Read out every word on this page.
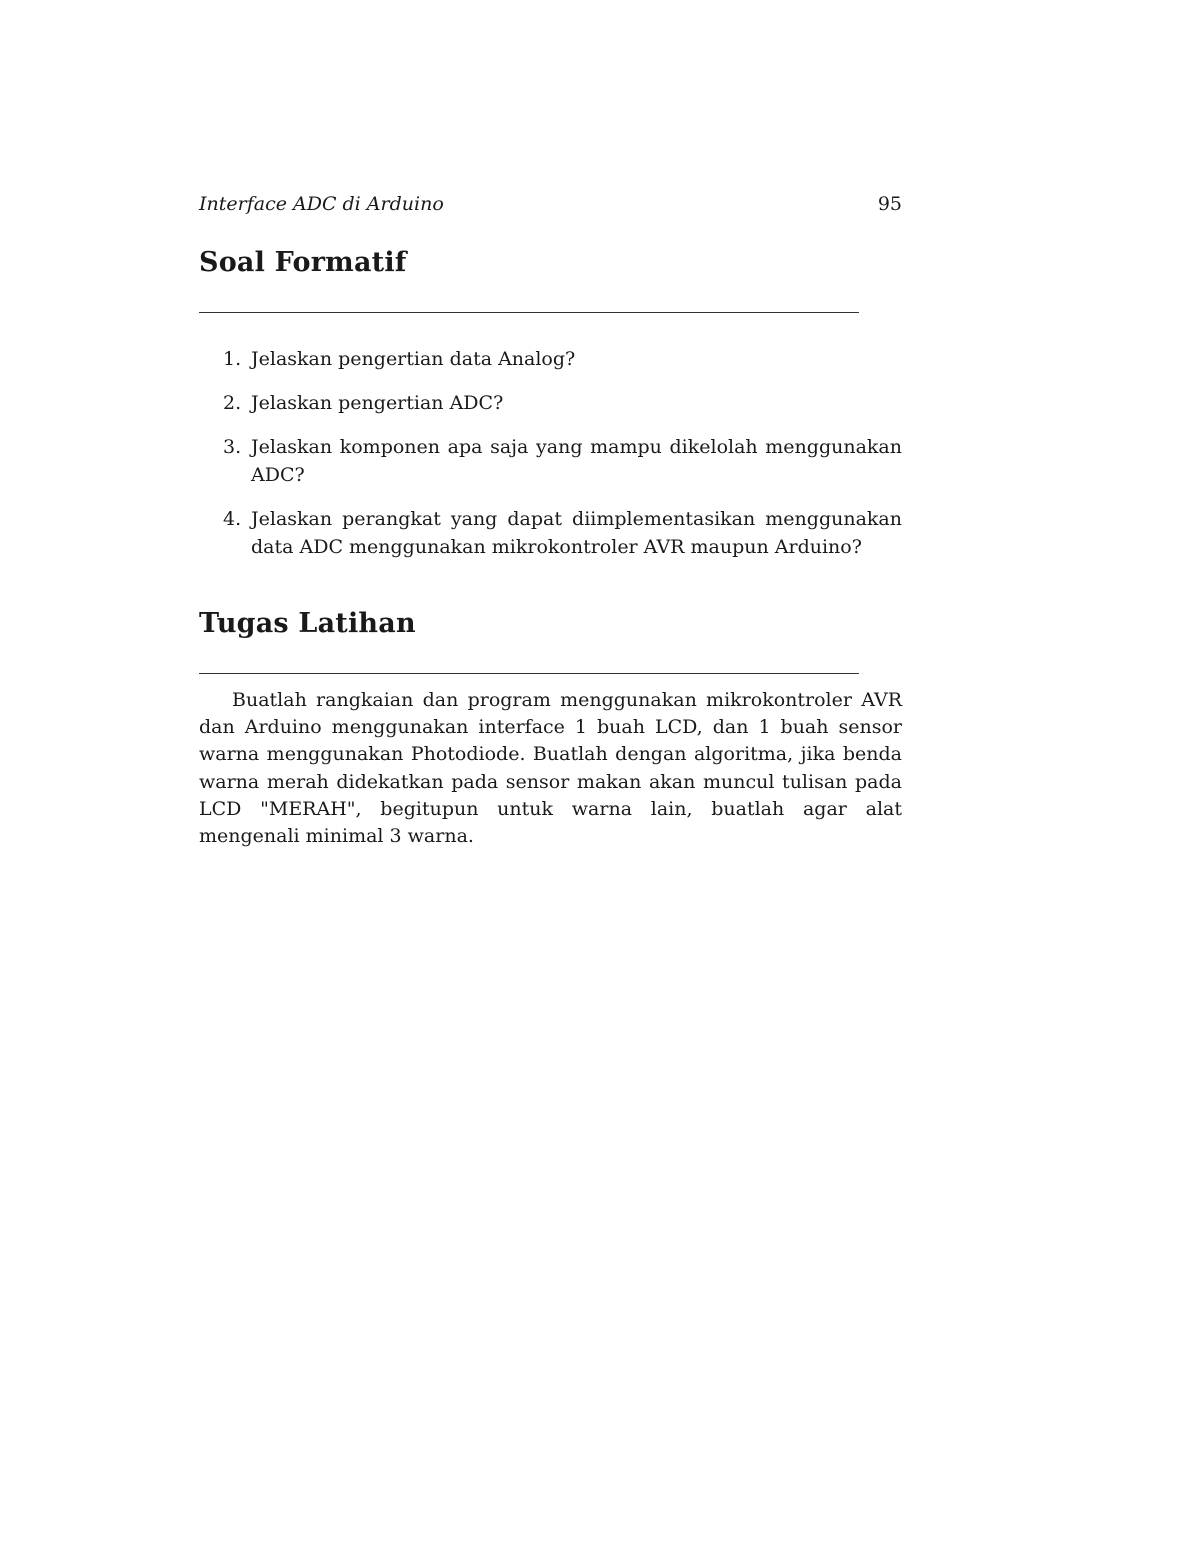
Interface ADC di Arduino	95
Soal Formatif
1. Jelaskan pengertian data Analog?
2. Jelaskan pengertian ADC?
3. Jelaskan komponen apa saja yang mampu dikelolah menggunakan ADC?
4. Jelaskan perangkat yang dapat diimplementasikan menggunakan data ADC menggunakan mikrokontroler AVR maupun Arduino?
Tugas Latihan

Buatlah rangkaian dan program menggunakan mikrokontroler AVR dan Arduino menggunakan interface 1 buah LCD, dan 1 buah sensor warna menggunakan Photodiode. Buatlah dengan algoritma, jika benda warna merah didekatkan pada sensor makan akan muncul tulisan pada LCD "MERAH", begitupun untuk warna lain, buatlah agar alat mengenali minimal 3 warna.
